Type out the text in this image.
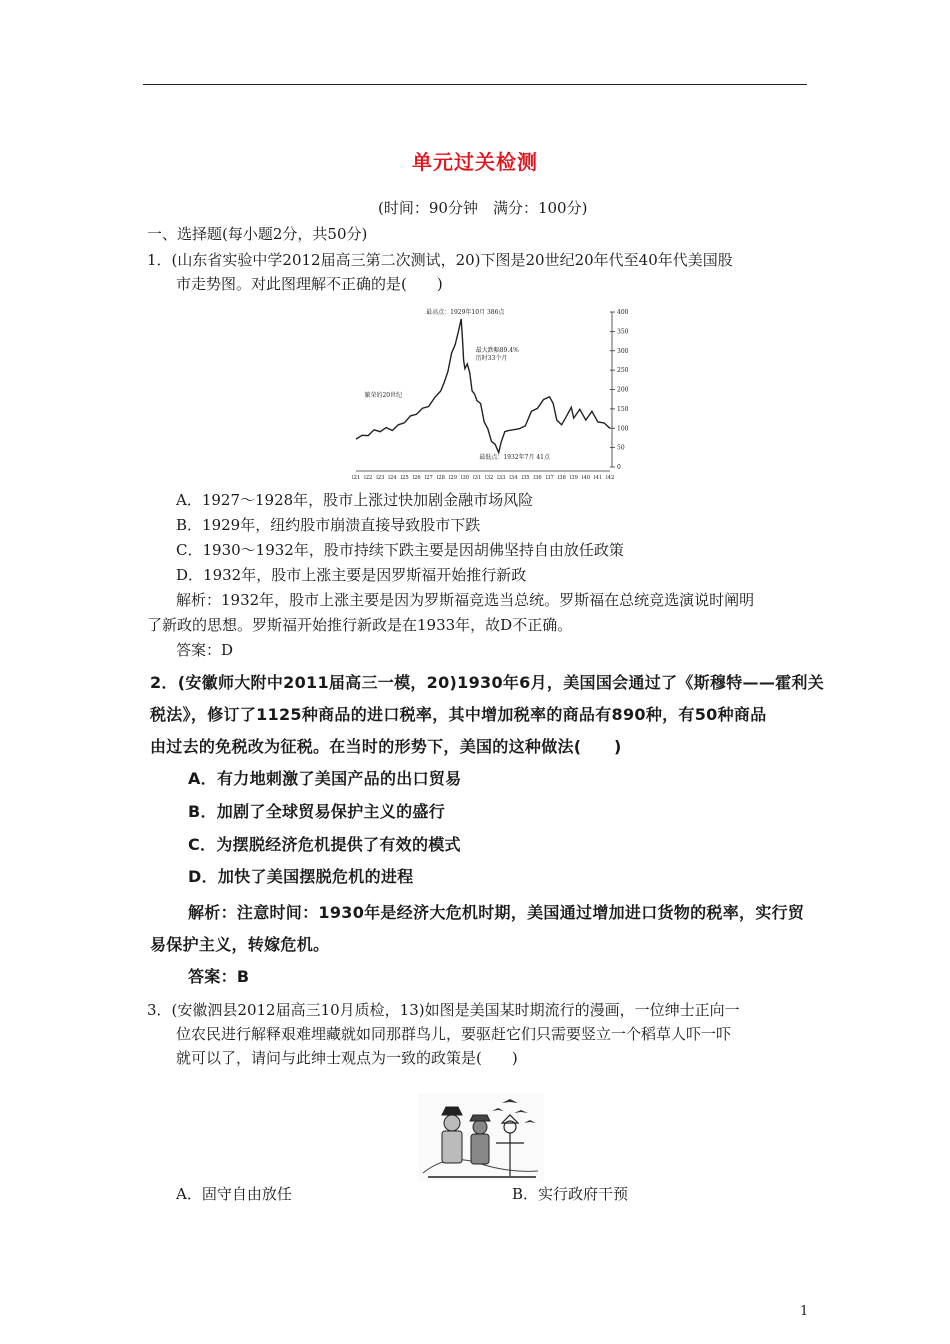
单元过关检测
(时间：90分钟　满分：100分)
一、选择题(每小题2分，共50分)
1．(山东省实验中学2012届高三第二次测试，20)下图是20世纪20年代至40年代美国股
市走势图。对此图理解不正确的是(　　)
400
350
300
250
200
150
100
50
0
l21 l22 l23 l24 l25 l26 l27 l28 l29 l30 l31 l32 l33 l34 l35 l36 l37 l38 l39 l40 l41 l42
最高点：1929年10月 386点
最大跌幅89.4%
历时33个月
繁荣的20世纪
最低点：1932年7月 41点
A．1927～1928年，股市上涨过快加剧金融市场风险
B．1929年，纽约股市崩溃直接导致股市下跌
C．1930～1932年，股市持续下跌主要是因胡佛坚持自由放任政策
D．1932年，股市上涨主要是因罗斯福开始推行新政
解析：1932年，股市上涨主要是因为罗斯福竞选当总统。罗斯福在总统竞选演说时阐明
了新政的思想。罗斯福开始推行新政是在1933年，故D不正确。
答案：D
2．(安徽师大附中2011届高三一模，20)1930年6月，美国国会通过了《斯穆特——霍利关
税法》，修订了1125种商品的进口税率，其中增加税率的商品有890种，有50种商品
由过去的免税改为征税。在当时的形势下，美国的这种做法(　　)
A．有力地刺激了美国产品的出口贸易
B．加剧了全球贸易保护主义的盛行
C．为摆脱经济危机提供了有效的模式
D．加快了美国摆脱危机的进程
解析：注意时间：1930年是经济大危机时期，美国通过增加进口货物的税率，实行贸
易保护主义，转嫁危机。
答案：B
3．(安徽泗县2012届高三10月质检，13)如图是美国某时期流行的漫画，一位绅士正向一
位农民进行解释艰难埋藏就如同那群鸟儿，要驱赶它们只需要竖立一个稻草人吓一吓
就可以了，请问与此绅士观点为一致的政策是(　　)
A．固守自由放任	B．实行政府干预
1
